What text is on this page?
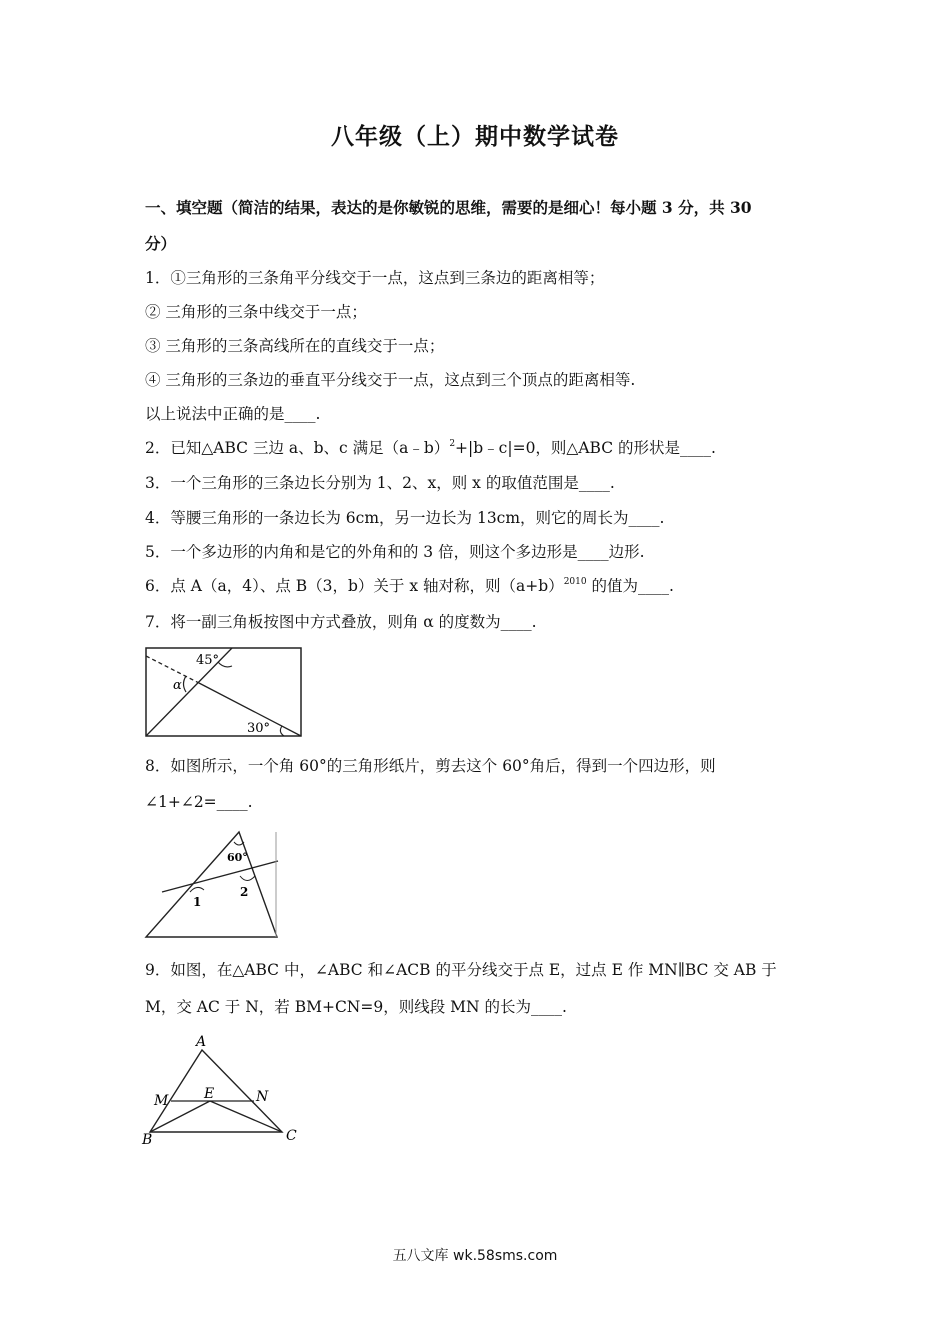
八年级（上）期中数学试卷
一、填空题（简洁的结果，表达的是你敏锐的思维，需要的是细心！每小题 3 分，共 30
分）
1．①三角形的三条角平分线交于一点，这点到三条边的距离相等；
② 三角形的三条中线交于一点；
③ 三角形的三条高线所在的直线交于一点；
④ 三角形的三条边的垂直平分线交于一点，这点到三个顶点的距离相等.
以上说法中正确的是____.
2．已知△ABC 三边 a、b、c 满足（a﹣b）$^2$+|b﹣c|=0，则△ABC 的形状是____.
3．一个三角形的三条边长分别为 1、2、x，则 x 的取值范围是____.
4．等腰三角形的一条边长为 6cm，另一边长为 13cm，则它的周长为____.
5．一个多边形的内角和是它的外角和的 3 倍，则这个多边形是____边形.
6．点 A（a，4）、点 B（3，b）关于 x 轴对称，则$(a+b)^{2010}$ 的值为____.
7．将一副三角板按图中方式叠放，则角 α 的度数为____.
45°
α
30°
8．如图所示，一个角 60°的三角形纸片，剪去这个 60°角后，得到一个四边形，则
∠1+∠2=____.
60°
1
2
9．如图，在△ABC 中，∠ABC 和∠ACB 的平分线交于点 E，过点 E 作 MN∥BC 交 AB 于
M，交 AC 于 N，若 BM+CN=9，则线段 MN 的长为____.
A
M	E	N
B	C
五八文库 wk.58sms.com
